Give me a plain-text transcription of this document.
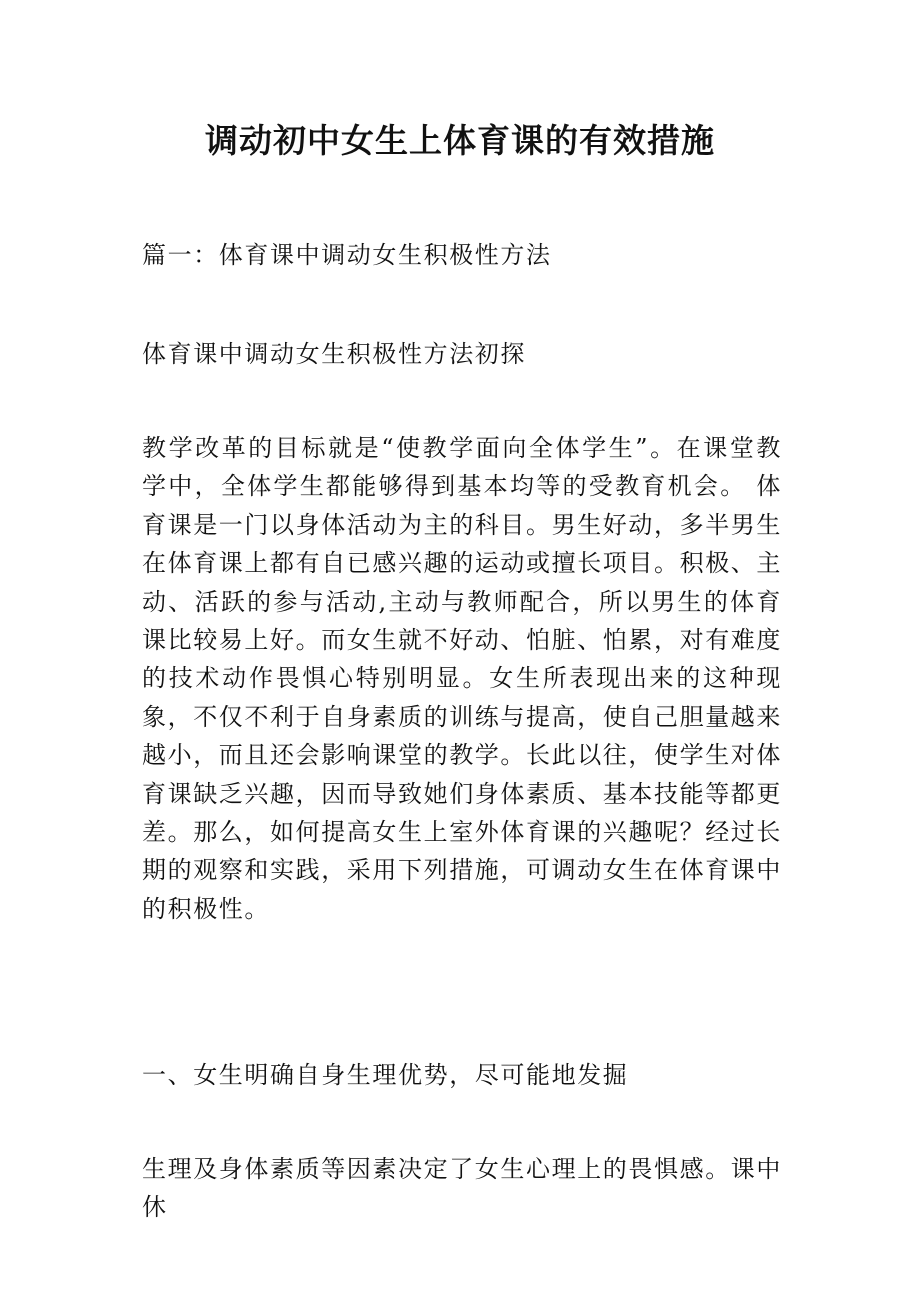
调动初中女生上体育课的有效措施

篇一：体育课中调动女生积极性方法

体育课中调动女生积极性方法初探

教学改革的目标就是“使教学面向全体学生”。在课堂教学中，全体学生都能够得到基本均等的受教育机会。 体育课是一门以身体活动为主的科目。男生好动，多半男生在体育课上都有自已感兴趣的运动或擅长项目。积极、主动、活跃的参与活动,主动与教师配合，所以男生的体育课比较易上好。而女生就不好动、怕脏、怕累，对有难度的技术动作畏惧心特别明显。女生所表现出来的这种现象，不仅不利于自身素质的训练与提高，使自己胆量越来越小，而且还会影响课堂的教学。长此以往，使学生对体育课缺乏兴趣，因而导致她们身体素质、基本技能等都更差。那么，如何提高女生上室外体育课的兴趣呢？经过长期的观察和实践，采用下列措施，可调动女生在体育课中的积极性。

一、女生明确自身生理优势，尽可能地发掘

生理及身体素质等因素决定了女生心理上的畏惧感。课中休
